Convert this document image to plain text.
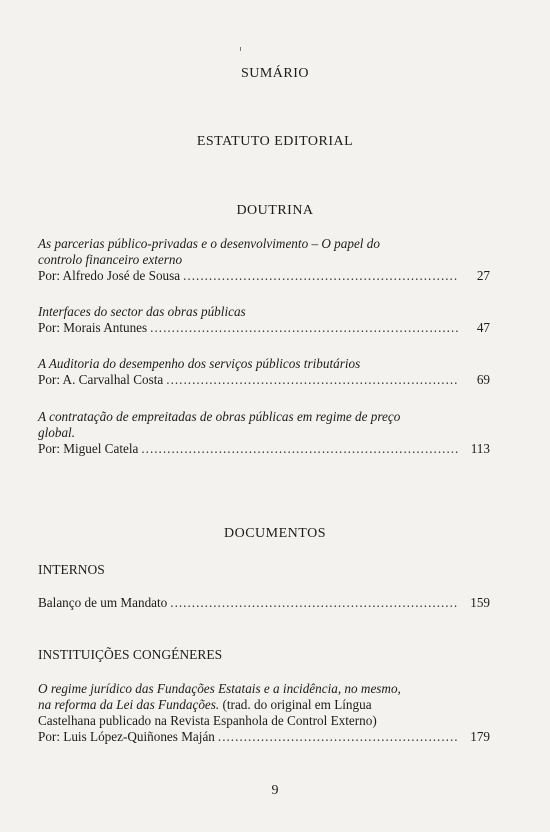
SUMÁRIO
ESTATUTO EDITORIAL
DOUTRINA
As parcerias público-privadas e o desenvolvimento – O papel do
controlo financeiro externo
Por: Alfredo José de Sousa .....	27
Interfaces do sector das obras públicas
Por: Morais Antunes .....	47
A Auditoria do desempenho dos serviços públicos tributários
Por: A. Carvalhal Costa .....	69
A contratação de empreitadas de obras públicas em regime de preço
global.
Por: Miguel Catela .....	113
DOCUMENTOS
INTERNOS
Balanço de um Mandato .....	159
INSTITUIÇÕES CONGÉNERES
O regime jurídico das Fundações Estatais e a incidência, no mesmo,
na reforma da Lei das Fundações. (trad. do original em Língua
Castelhana publicado na Revista Espanhola de Control Externo)
Por: Luis López-Quiñones Maján .....	179
9
